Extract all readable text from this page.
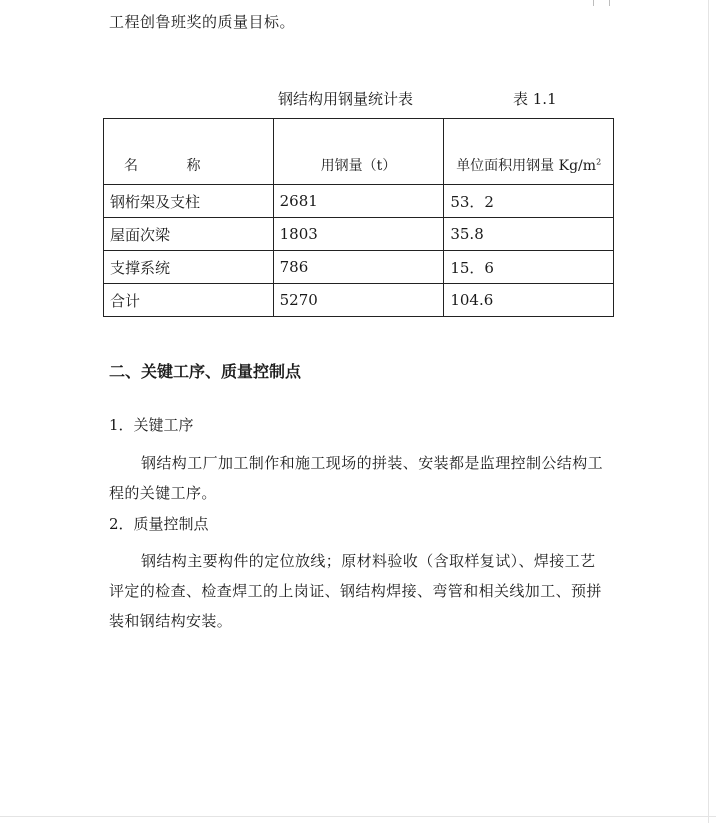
工程创鲁班奖的质量目标。
钢结构用钢量统计表	表 1.1
名 称	用钢量（t）	单位面积用钢量 $Kg/m^2$
钢桁架及支柱	2681	53．2
屋面次梁	1803	35.8
支撑系统	786	15．6
合计	5270	104.6
二、关键工序、质量控制点
1．关键工序
钢结构工厂加工制作和施工现场的拼装、安装都是监理控制公结构工程的关键工序。
2．质量控制点
钢结构主要构件的定位放线；原材料验收（含取样复试）、焊接工艺评定的检查、检查焊工的上岗证、钢结构焊接、弯管和相关线加工、预拼装和钢结构安装。
